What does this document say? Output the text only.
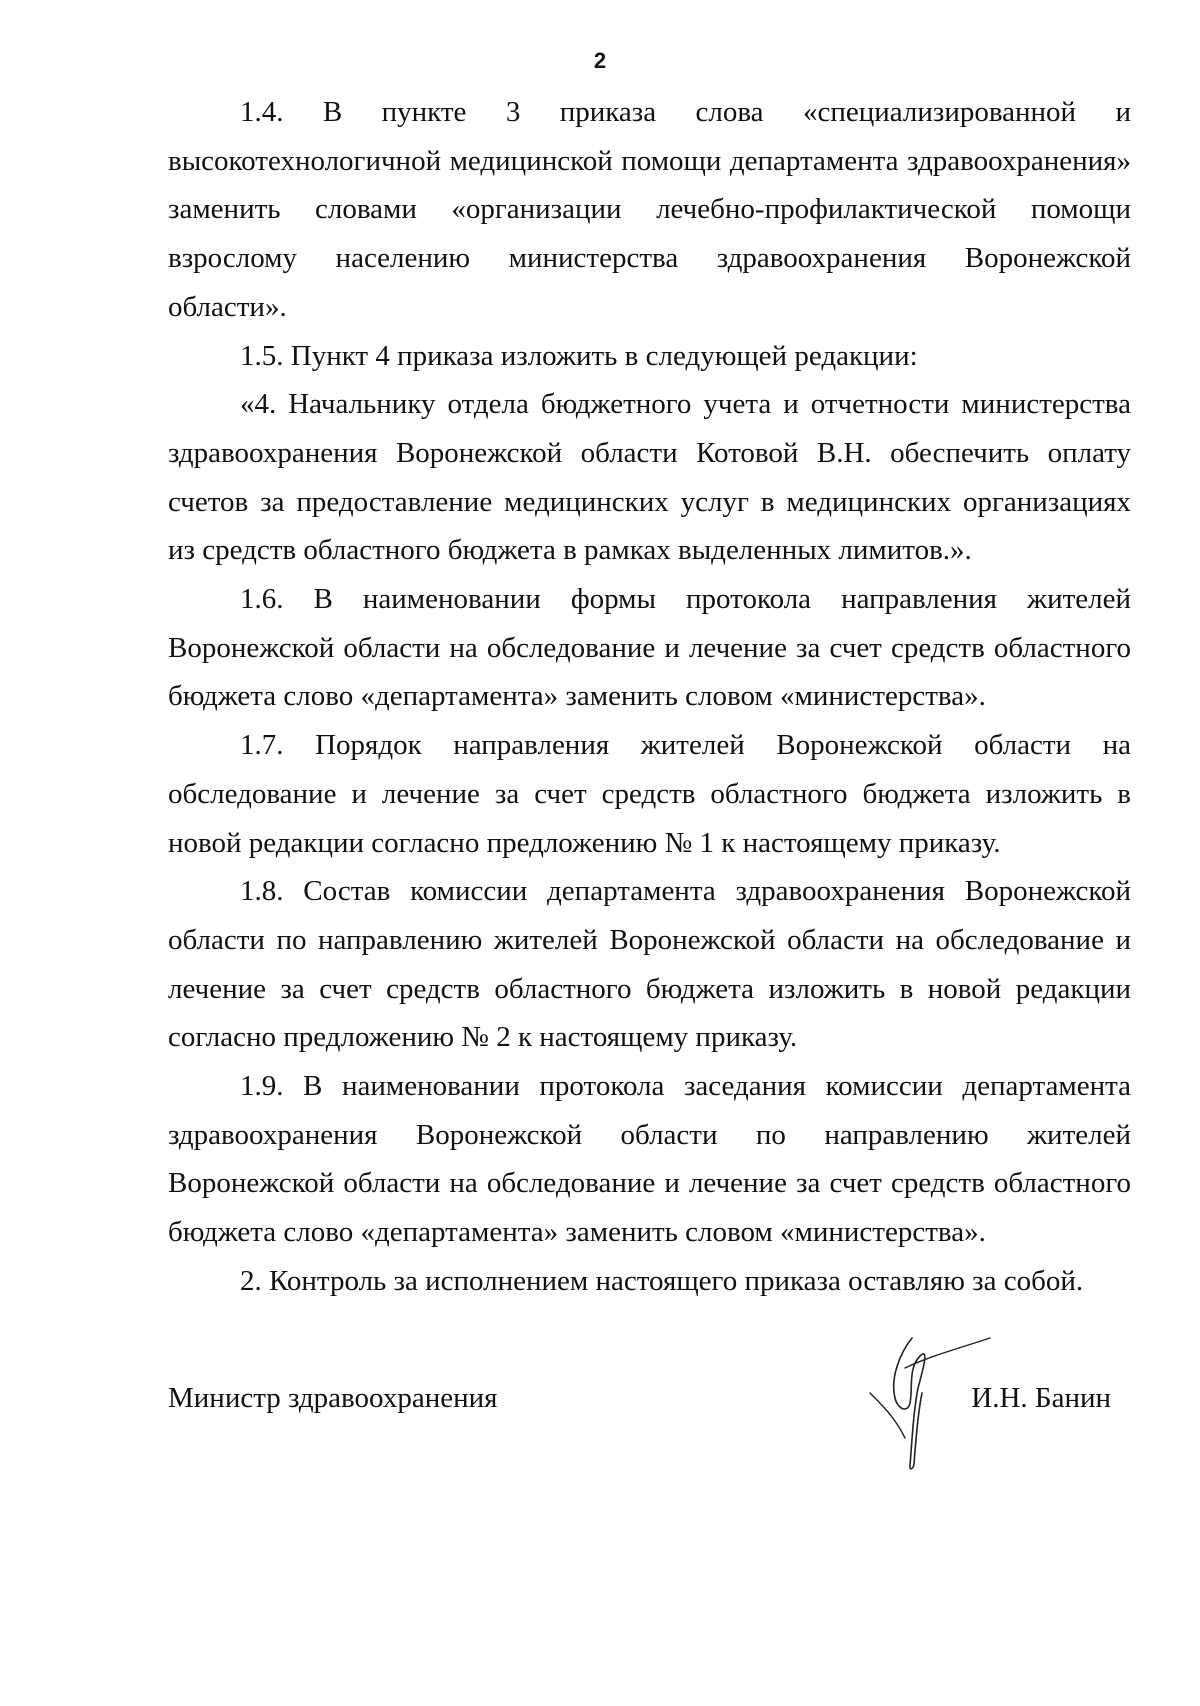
2

1.4. В пункте 3 приказа слова «специализированной и высокотехнологичной медицинской помощи департамента здравоохранения» заменить словами «организации лечебно-профилактической помощи взрослому населению министерства здравоохранения Воронежской области».

1.5. Пункт 4 приказа изложить в следующей редакции:

«4. Начальнику отдела бюджетного учета и отчетности министерства здравоохранения Воронежской области Котовой В.Н. обеспечить оплату счетов за предоставление медицинских услуг в медицинских организациях из средств областного бюджета в рамках выделенных лимитов.».

1.6. В наименовании формы протокола направления жителей Воронежской области на обследование и лечение за счет средств областного бюджета слово «департамента» заменить словом «министерства».

1.7. Порядок направления жителей Воронежской области на обследование и лечение за счет средств областного бюджета изложить в новой редакции согласно предложению № 1 к настоящему приказу.

1.8. Состав комиссии департамента здравоохранения Воронежской области по направлению жителей Воронежской области на обследование и лечение за счет средств областного бюджета изложить в новой редакции согласно предложению № 2 к настоящему приказу.

1.9. В наименовании протокола заседания комиссии департамента здравоохранения Воронежской области по направлению жителей Воронежской области на обследование и лечение за счет средств областного бюджета слово «департамента» заменить словом «министерства».

2. Контроль за исполнением настоящего приказа оставляю за собой.

Министр здравоохранения	И.Н. Банин
